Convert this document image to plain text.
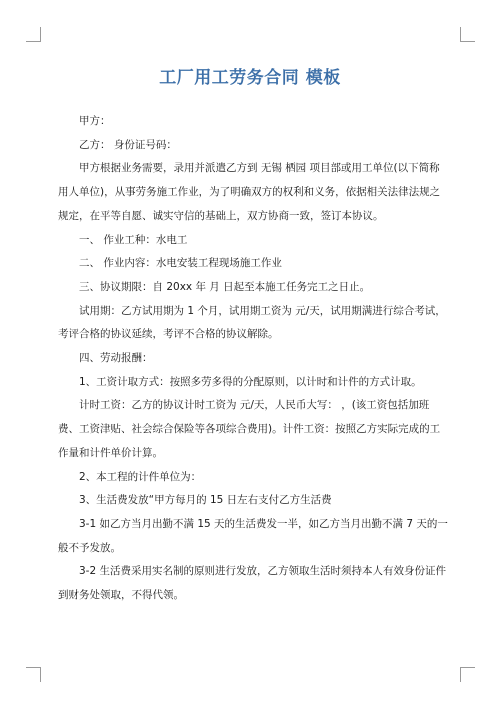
工厂用工劳务合同 模板

甲方：

乙方： 身份证号码：

甲方根据业务需要，录用并派遣乙方到 无锡 栖园 项目部或用工单位(以下简称用人单位)，从事劳务施工作业，为了明确双方的权利和义务，依据相关法律法规之规定，在平等自愿、诚实守信的基础上，双方协商一致，签订本协议。

一、 作业工种：水电工

二、 作业内容：水电安装工程现场施工作业

三、协议期限：自 20xx 年 月 日起至本施工任务完工之日止。

试用期：乙方试用期为 1 个月，试用期工资为 元/天，试用期满进行综合考试，考评合格的协议延续，考评不合格的协议解除。

四、劳动报酬：

1、工资计取方式：按照多劳多得的分配原则，以计时和计件的方式计取。

计时工资：乙方的协议计时工资为 元/天，人民币大写： ，(该工资包括加班费、工资津贴、社会综合保险等各项综合费用)。计件工资：按照乙方实际完成的工作量和计件单价计算。

2、本工程的计件单位为：

3、生活费发放“甲方每月的 15 日左右支付乙方生活费

3-1 如乙方当月出勤不满 15 天的生活费发一半，如乙方当月出勤不满 7 天的一般不予发放。

3-2 生活费采用实名制的原则进行发放，乙方领取生活时须持本人有效身份证件到财务处领取，不得代领。
